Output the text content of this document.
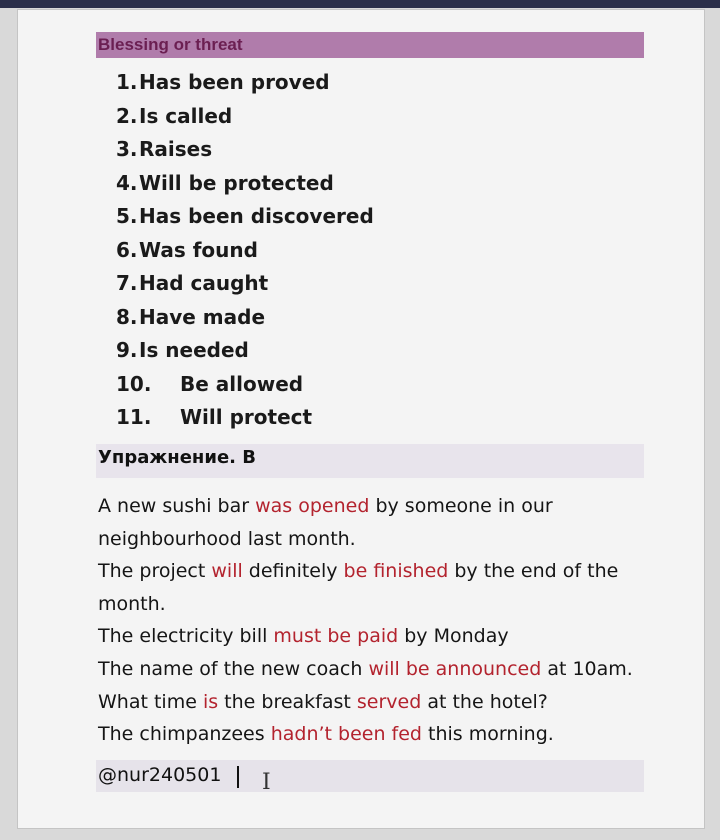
Blessing or threat
1. Has been proved
2. Is called
3. Raises
4. Will be protected
5. Has been discovered
6. Was found
7. Had caught
8. Have made
9. Is needed
10.	Be allowed
11.	Will protect
Упражнение. В

A new sushi bar was opened by someone in our neighbourhood last month.

The project will definitely be finished by the end of the month.

The electricity bill must be paid by Monday

The name of the new coach will be announced at 10am.

What time is the breakfast served at the hotel?

The chimpanzees hadn’t been fed this morning.

@nur240501 I
